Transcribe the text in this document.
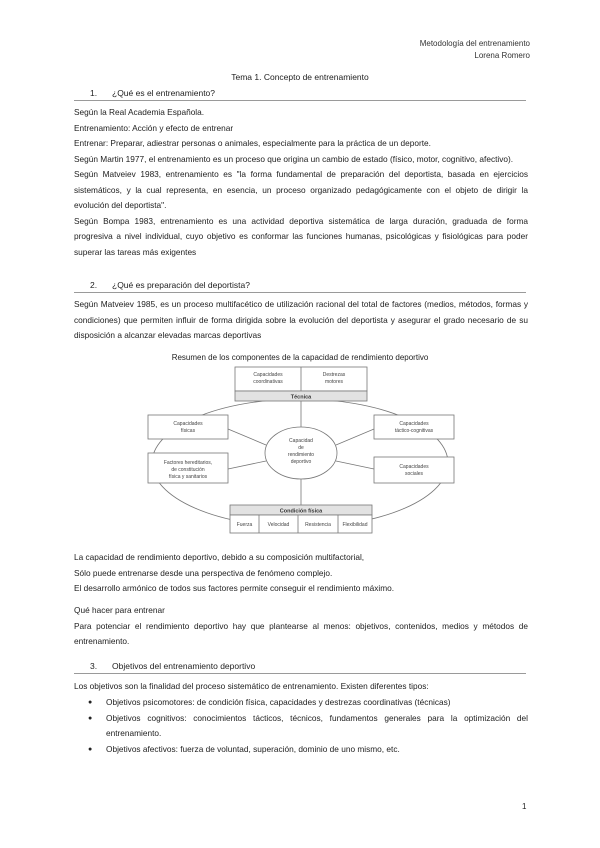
Metodología del entrenamiento
Lorena Romero
Tema 1. Concepto de entrenamiento
1. ¿Qué es el entrenamiento?

Según la Real Academia Española.

Entrenamiento: Acción y efecto de entrenar

Entrenar: Preparar, adiestrar personas o animales, especialmente para la práctica de un deporte.

Según Martin 1977, el entrenamiento es un proceso que origina un cambio de estado (físico, motor, cognitivo, afectivo).

Según Matveiev 1983, entrenamiento es "la forma fundamental de preparación del deportista, basada en ejercicios sistemáticos, y la cual representa, en esencia, un proceso organizado pedagógicamente con el objeto de dirigir la evolución del deportista".

Según Bompa 1983, entrenamiento es una actividad deportiva sistemática de larga duración, graduada de forma progresiva a nivel individual, cuyo objetivo es conformar las funciones humanas, psicológicas y fisiológicas para poder superar las tareas más exigentes

2. ¿Qué es preparación del deportista?

Según Matveiev 1985, es un proceso multifacético de utilización racional del total de factores (medios, métodos, formas y condiciones) que permiten influir de forma dirigida sobre la evolución del deportista y asegurar el grado necesario de su disposición a alcanzar elevadas marcas deportivas

Resumen de los componentes de la capacidad de rendimiento deportivo
Capacidades
coordinativas
Destrezas
motores
Técnica
Capacidades
físicas
Capacidades
táctico-cognitivas
Capacidad
de
rendimiento
deportivo
Factores hereditarios,
de constitución
física y sanitarios
Capacidades
sociales
Condición física
Fuerza	Velocidad	Resistencia Flexibilidad

La capacidad de rendimiento deportivo, debido a su composición multifactorial,

Sólo puede entrenarse desde una perspectiva de fenómeno complejo.

El desarrollo armónico de todos sus factores permite conseguir el rendimiento máximo.

Qué hacer para entrenar

Para potenciar el rendimiento deportivo hay que plantearse al menos: objetivos, contenidos, medios y métodos de entrenamiento.

3. Objetivos del entrenamiento deportivo

Los objetivos son la finalidad del proceso sistemático de entrenamiento. Existen diferentes tipos:

● Objetivos psicomotores: de condición física, capacidades y destrezas coordinativas (técnicas)
● Objetivos cognitivos: conocimientos tácticos, técnicos, fundamentos generales para la optimización del entrenamiento.
● Objetivos afectivos: fuerza de voluntad, superación, dominio de uno mismo, etc.
1
